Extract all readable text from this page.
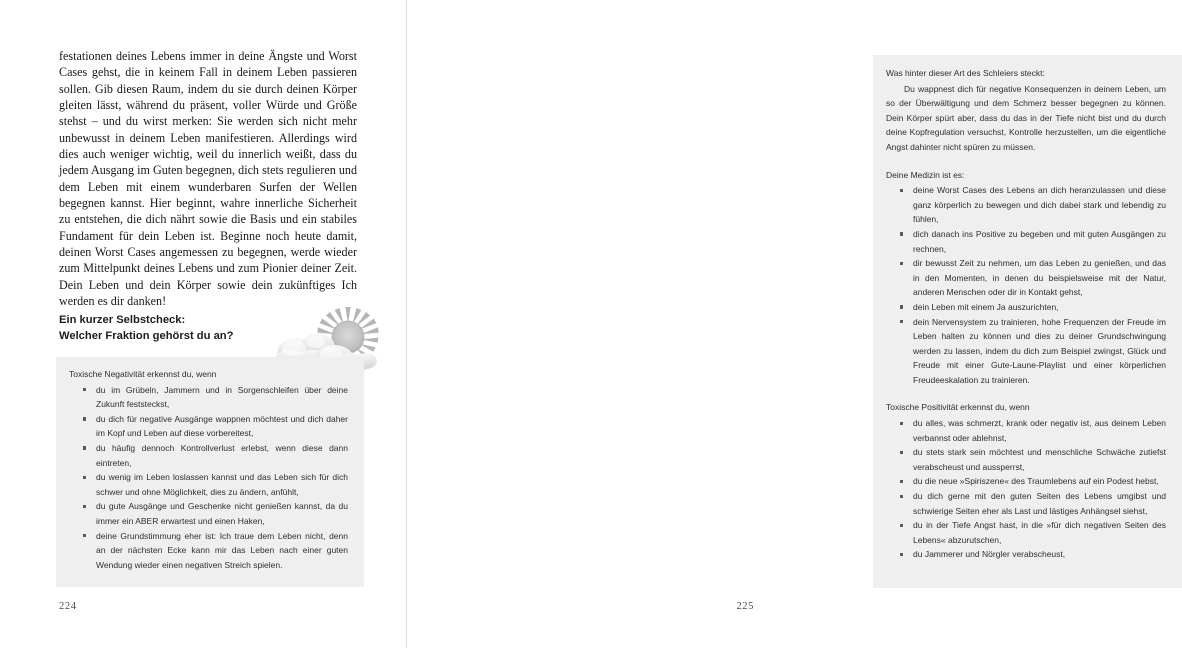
festationen deines Lebens immer in deine Ängste und Worst Cases gehst, die in keinem Fall in deinem Leben passieren sollen. Gib diesen Raum, indem du sie durch deinen Körper gleiten lässt, während du präsent, voller Würde und Größe stehst – und du wirst merken: Sie werden sich nicht mehr unbewusst in deinem Leben manifestieren. Allerdings wird dies auch weniger wichtig, weil du innerlich weißt, dass du jedem Ausgang im Guten begegnen, dich stets regulieren und dem Leben mit einem wunderbaren Surfen der Wellen begegnen kannst. Hier beginnt, wahre innerliche Sicherheit zu entstehen, die dich nährt sowie die Basis und ein stabiles Fundament für dein Leben ist. Beginne noch heute damit, deinen Worst Cases angemessen zu begegnen, werde wieder zum Mittelpunkt deines Lebens und zum Pionier deiner Zeit. Dein Leben und dein Körper sowie dein zukünftiges Ich werden es dir danken!
Ein kurzer Selbstcheck:
Welcher Fraktion gehörst du an?

Toxische Negativität erkennst du, wenn

du im Grübeln, Jammern und in Sorgenschleifen über deine Zukunft feststeckst,
du dich für negative Ausgänge wappnen möchtest und dich daher im Kopf und Leben auf diese vorbereitest,
du häufig dennoch Kontrollverlust erlebst, wenn diese dann eintreten,
du wenig im Leben loslassen kannst und das Leben sich für dich schwer und ohne Möglichkeit, dies zu ändern, anfühlt,
du gute Ausgänge und Geschenke nicht genießen kannst, da du immer ein ABER erwartest und einen Haken,
deine Grundstimmung eher ist: Ich traue dem Leben nicht, denn an der nächsten Ecke kann mir das Leben nach einer guten Wendung wieder einen negativen Streich spielen.
224

Was hinter dieser Art des Schleiers steckt:

Du wappnest dich für negative Konsequenzen in deinem Leben, um so der Überwältigung und dem Schmerz besser begegnen zu können. Dein Körper spürt aber, dass du das in der Tiefe nicht bist und du durch deine Kopfregulation versuchst, Kontrolle herzustellen, um die eigentliche Angst dahinter nicht spüren zu müssen.

Deine Medizin ist es:

deine Worst Cases des Lebens an dich heranzulassen und diese ganz körperlich zu bewegen und dich dabei stark und lebendig zu fühlen,
dich danach ins Positive zu begeben und mit guten Ausgängen zu rechnen,
dir bewusst Zeit zu nehmen, um das Leben zu genießen, und das in den Momenten, in denen du beispielsweise mit der Natur, anderen Menschen oder dir in Kontakt gehst,
dein Leben mit einem Ja auszurichten,
dein Nervensystem zu trainieren, hohe Frequenzen der Freude im Leben halten zu können und dies zu deiner Grundschwingung werden zu lassen, indem du dich zum Beispiel zwingst, Glück und Freude mit einer Gute-Laune-Playlist und einer körperlichen Freudeeskalation zu trainieren.

Toxische Positivität erkennst du, wenn

du alles, was schmerzt, krank oder negativ ist, aus deinem Leben verbannst oder ablehnst,
du stets stark sein möchtest und menschliche Schwäche zutiefst verabscheust und aussperrst,
du die neue »Spiriszene« des Traumlebens auf ein Podest hebst,
du dich gerne mit den guten Seiten des Lebens umgibst und schwierige Seiten eher als Last und lästiges Anhängsel siehst,
du in der Tiefe Angst hast, in die »für dich negativen Seiten des Lebens« abzurutschen,
du Jammerer und Nörgler verabscheust,
225
